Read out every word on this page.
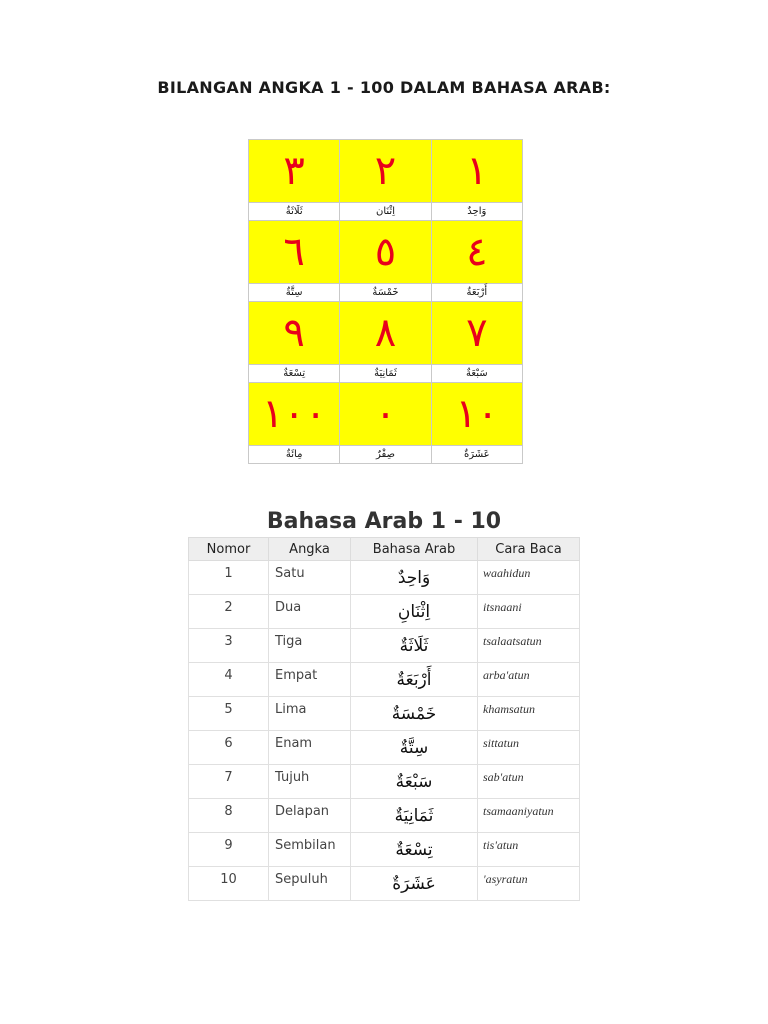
BILANGAN ANGKA 1 - 100 DALAM BAHASA ARAB:
٣	٢	١
ثَلَاثَةٌ	اِثْنَان	وَاحِدٌ
٦	٥	٤
سِتَّةٌ	خَمْسَةٌ	أَرْبَعَةٌ
٩	٨	٧
تِسْعَةٌ	ثَمَانِيَةٌ	سَبْعَةٌ
١٠٠	٠	١٠
مِائَةٌ	صِفْرٌ	عَشَرَةٌ
Bahasa Arab 1 - 10
Nomor	Angka	Bahasa Arab	Cara Baca
1	Satu	وَاحِدٌ	waahidun
2	Dua	اِثْنَانِ	itsnaani
3	Tiga	ثَلَاثَةٌ	tsalaatsatun
4	Empat	أَرْبَعَةٌ	arba'atun
5	Lima	خَمْسَةٌ	khamsatun
6	Enam	سِتَّةٌ	sittatun
7	Tujuh	سَبْعَةٌ	sab'atun
8	Delapan	ثَمَانِيَةٌ	tsamaaniyatun
9	Sembilan	تِسْعَةٌ	tis'atun
10	Sepuluh	عَشَرَةٌ	'asyratun
